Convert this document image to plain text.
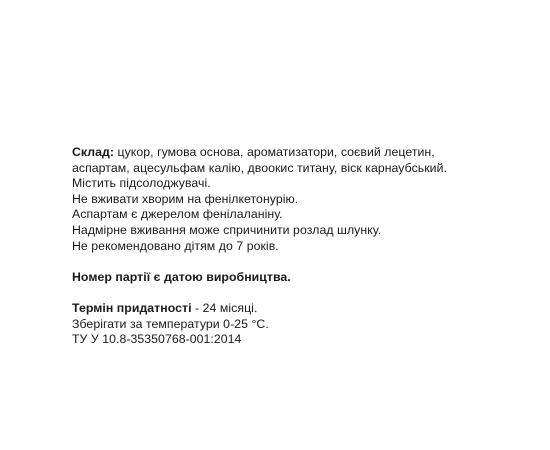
Склад: цукор, гумова основа, ароматизатори, соєвий лецетин, аспартам, ацесульфам калію, двоокис титану, віск карнаубський. Містить підсолоджувачі.

Не вживати хворим на фенілкетонурію.

Аспартам є джерелом фенілаланіну.

Надмірне вживання може спричинити розлад шлунку.

Не рекомендовано дітям до 7 років.

Номер партії є датою виробництва.

Термін придатності - 24 місяці.

Зберігати за температури 0-25 °С.

ТУ У 10.8-35350768-001:2014
